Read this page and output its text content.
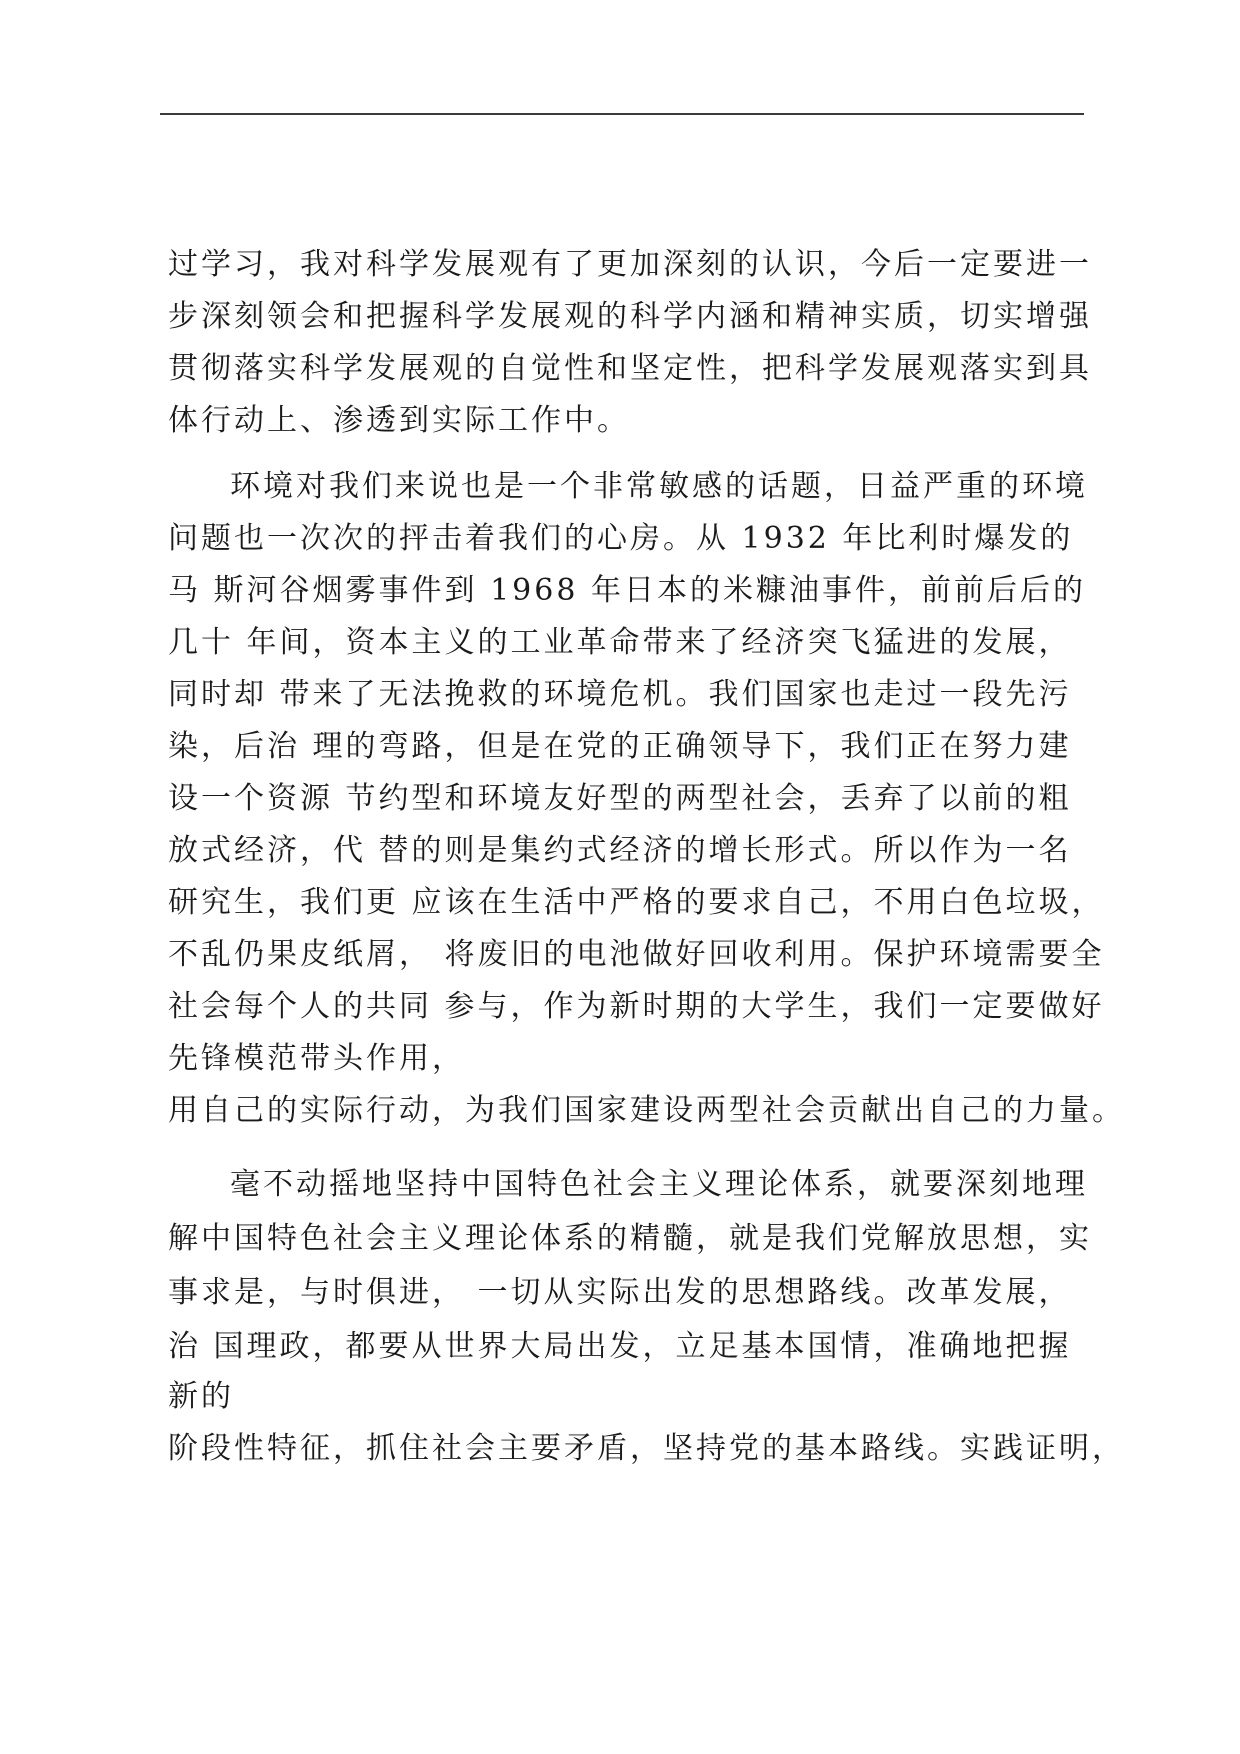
过学习，我对科学发展观有了更加深刻的认识，今后一定要进一
步深刻领会和把握科学发展观的科学内涵和精神实质，切实增强
贯彻落实科学发展观的自觉性和坚定性，把科学发展观落实到具
体行动上、渗透到实际工作中。
环境对我们来说也是一个非常敏感的话题，日益严重的环境
问题也一次次的抨击着我们的心房。从 1932 年比利时爆发的
马 斯河谷烟雾事件到 1968 年日本的米糠油事件，前前后后的
几十 年间，资本主义的工业革命带来了经济突飞猛进的发展，
同时却 带来了无法挽救的环境危机。我们国家也走过一段先污
染，后治 理的弯路，但是在党的正确领导下，我们正在努力建
设一个资源 节约型和环境友好型的两型社会，丢弃了以前的粗
放式经济，代 替的则是集约式经济的增长形式。所以作为一名
研究生，我们更 应该在生活中严格的要求自己，不用白色垃圾，
不乱仍果皮纸屑， 将废旧的电池做好回收利用。保护环境需要全
社会每个人的共同 参与，作为新时期的大学生，我们一定要做好
先锋模范带头作用，
用自己的实际行动，为我们国家建设两型社会贡献出自己的力量。
毫不动摇地坚持中国特色社会主义理论体系，就要深刻地理
解中国特色社会主义理论体系的精髓，就是我们党解放思想，实
事求是，与时俱进， 一切从实际出发的思想路线。改革发展，
治 国理政，都要从世界大局出发，立足基本国情，准确地把握
新的
阶段性特征，抓住社会主要矛盾，坚持党的基本路线。实践证明，
